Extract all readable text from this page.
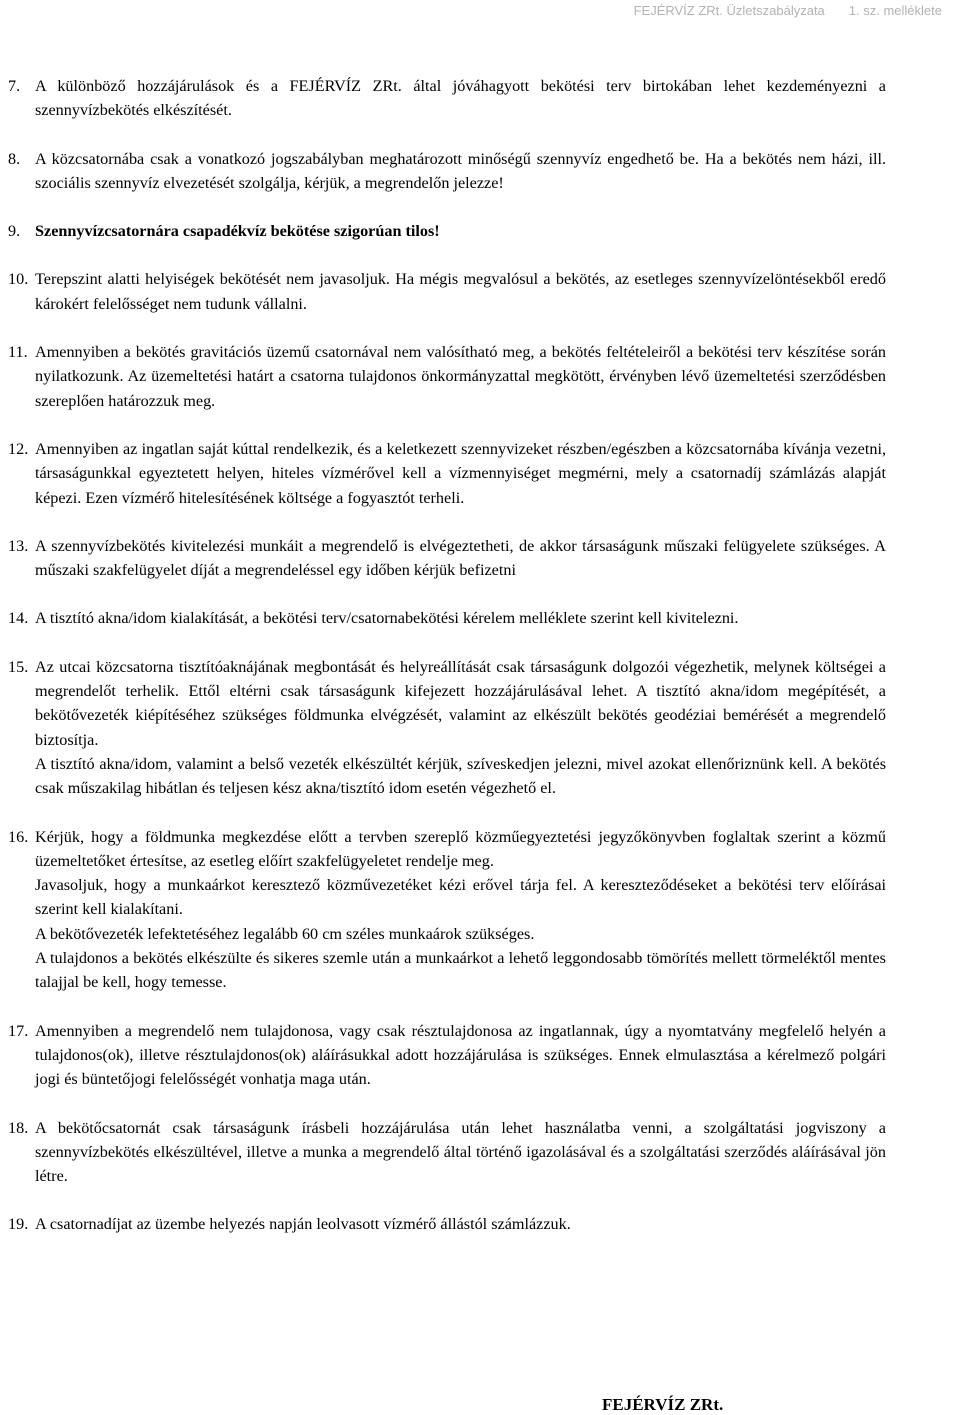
FEJÉRVÍZ ZRt. Üzletszabályzata 1. sz. melléklete
7. A különböző hozzájárulások és a FEJÉRVÍZ ZRt. által jóváhagyott bekötési terv birtokában lehet kezdeményezni a szennyvízbekötés elkészítését.

8. A közcsatornába csak a vonatkozó jogszabályban meghatározott minőségű szennyvíz engedhető be. Ha a bekötés nem házi, ill. szociális szennyvíz elvezetését szolgálja, kérjük, a megrendelőn jelezze!

9. Szennyvízcsatornára csapadékvíz bekötése szigorúan tilos!

10. Terepszint alatti helyiségek bekötését nem javasoljuk. Ha mégis megvalósul a bekötés, az esetleges szennyvízelöntésekből eredő károkért felelősséget nem tudunk vállalni.

11. Amennyiben a bekötés gravitációs üzemű csatornával nem valósítható meg, a bekötés feltételeiről a bekötési terv készítése során nyilatkozunk. Az üzemeltetési határt a csatorna tulajdonos önkormányzattal megkötött, érvényben lévő üzemeltetési szerződésben szereplően határozzuk meg.

12. Amennyiben az ingatlan saját kúttal rendelkezik, és a keletkezett szennyvizeket részben/egészben a közcsatornába kívánja vezetni, társaságunkkal egyeztetett helyen, hiteles vízmérővel kell a vízmennyiséget megmérni, mely a csatornadíj számlázás alapját képezi. Ezen vízmérő hitelesítésének költsége a fogyasztót terheli.

13. A szennyvízbekötés kivitelezési munkáit a megrendelő is elvégeztetheti, de akkor társaságunk műszaki felügyelete szükséges. A műszaki szakfelügyelet díját a megrendeléssel egy időben kérjük befizetni

14. A tisztító akna/idom kialakítását, a bekötési terv/csatornabekötési kérelem melléklete szerint kell kivitelezni.

15. Az utcai közcsatorna tisztítóaknájának megbontását és helyreállítását csak társaságunk dolgozói végezhetik, melynek költségei a megrendelőt terhelik. Ettől eltérni csak társaságunk kifejezett hozzájárulásával lehet. A tisztító akna/idom megépítését, a bekötővezeték kiépítéséhez szükséges földmunka elvégzését, valamint az elkészült bekötés geodéziai bemérését a megrendelő biztosítja.

A tisztító akna/idom, valamint a belső vezeték elkészültét kérjük, szíveskedjen jelezni, mivel azokat ellenőriznünk kell. A bekötés csak műszakilag hibátlan és teljesen kész akna/tisztító idom esetén végezhető el.

16. Kérjük, hogy a földmunka megkezdése előtt a tervben szereplő közműegyeztetési jegyzőkönyvben foglaltak szerint a közmű üzemeltetőket értesítse, az esetleg előírt szakfelügyeletet rendelje meg.

Javasoljuk, hogy a munkaárkot keresztező közművezetéket kézi erővel tárja fel. A kereszteződéseket a bekötési terv előírásai szerint kell kialakítani.

A bekötővezeték lefektetéséhez legalább 60 cm széles munkaárok szükséges.

A tulajdonos a bekötés elkészülte és sikeres szemle után a munkaárkot a lehető leggondosabb tömörítés mellett törmeléktől mentes talajjal be kell, hogy temesse.

17. Amennyiben a megrendelő nem tulajdonosa, vagy csak résztulajdonosa az ingatlannak, úgy a nyomtatvány megfelelő helyén a tulajdonos(ok), illetve résztulajdonos(ok) aláírásukkal adott hozzájárulása is szükséges. Ennek elmulasztása a kérelmező polgári jogi és büntetőjogi felelősségét vonhatja maga után.

18. A bekötőcsatornát csak társaságunk írásbeli hozzájárulása után lehet használatba venni, a szolgáltatási jogviszony a szennyvízbekötés elkészültével, illetve a munka a megrendelő által történő igazolásával és a szolgáltatási szerződés aláírásával jön létre.

19. A csatornadíjat az üzembe helyezés napján leolvasott vízmérő állástól számlázzuk.

FEJÉRVÍZ ZRt.
